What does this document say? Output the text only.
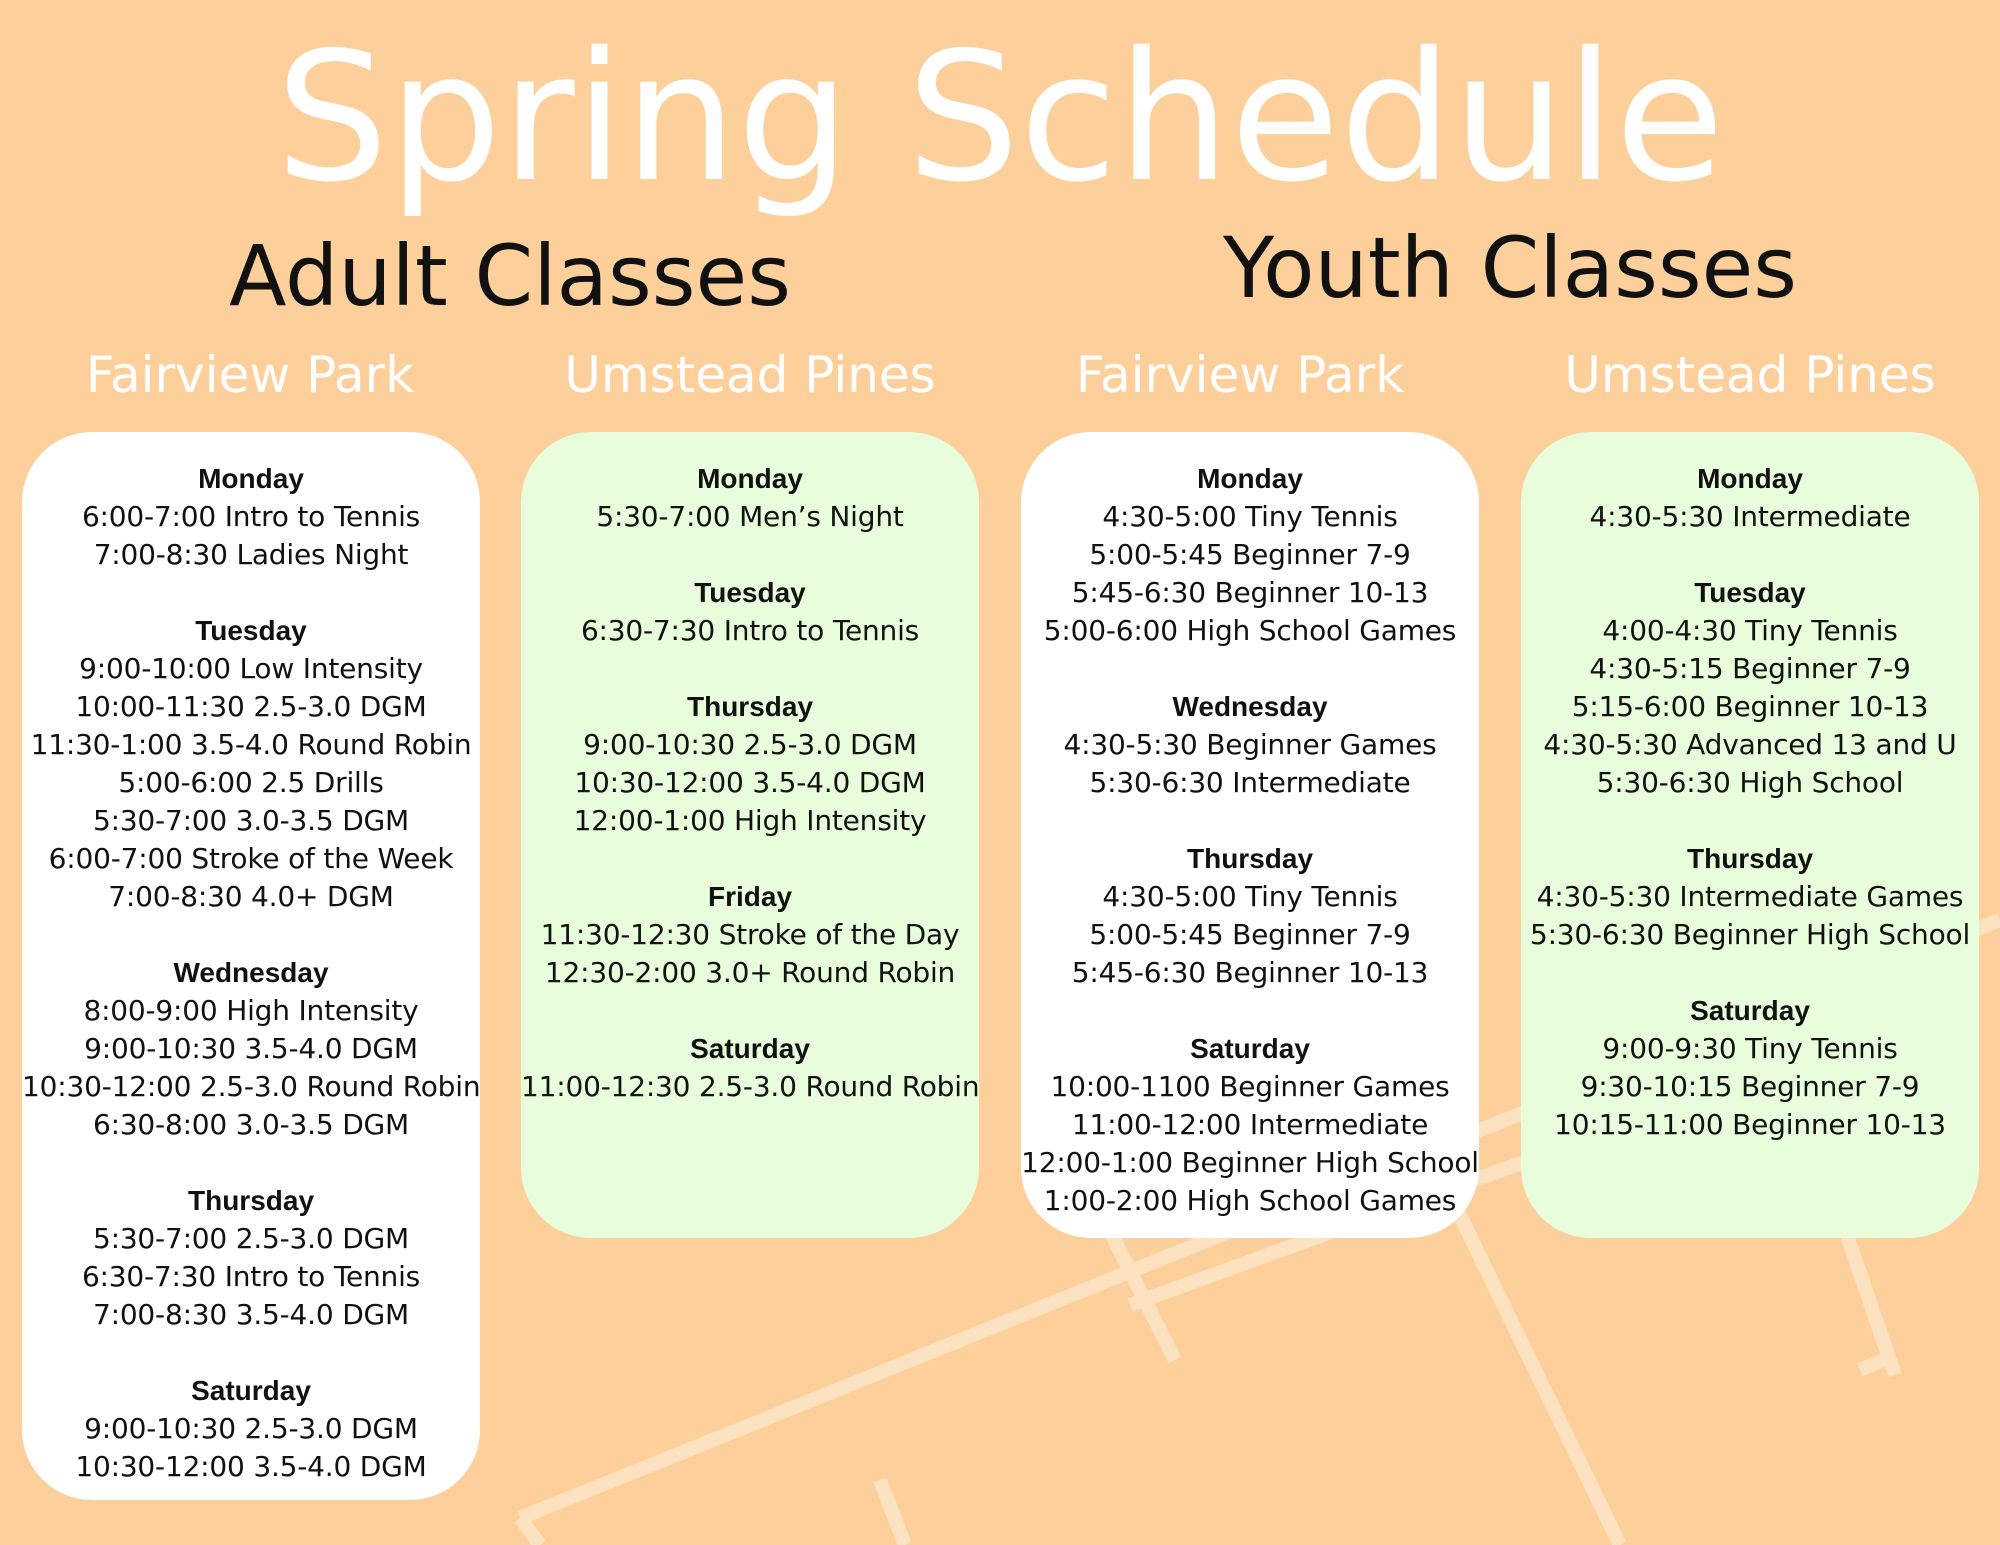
Spring Schedule
Adult Classes	Youth Classes
Fairview Park	Umstead Pines	Fairview Park	Umstead Pines
Monday
6:00-7:00 Intro to Tennis
7:00-8:30 Ladies Night
Tuesday
9:00-10:00 Low Intensity
10:00-11:30 2.5-3.0 DGM
11:30-1:00 3.5-4.0 Round Robin
5:00-6:00 2.5 Drills
5:30-7:00 3.0-3.5 DGM
6:00-7:00 Stroke of the Week
7:00-8:30 4.0+ DGM
Wednesday
8:00-9:00 High Intensity
9:00-10:30 3.5-4.0 DGM
10:30-12:00 2.5-3.0 Round Robin
6:30-8:00 3.0-3.5 DGM
Thursday
5:30-7:00 2.5-3.0 DGM
6:30-7:30 Intro to Tennis
7:00-8:30 3.5-4.0 DGM
Saturday
9:00-10:30 2.5-3.0 DGM
10:30-12:00 3.5-4.0 DGM
Monday
5:30-7:00 Men’s Night
Tuesday
6:30-7:30 Intro to Tennis
Thursday
9:00-10:30 2.5-3.0 DGM
10:30-12:00 3.5-4.0 DGM
12:00-1:00 High Intensity
Friday
11:30-12:30 Stroke of the Day
12:30-2:00 3.0+ Round Robin
Saturday
11:00-12:30 2.5-3.0 Round Robin
Monday
4:30-5:00 Tiny Tennis
5:00-5:45 Beginner 7-9
5:45-6:30 Beginner 10-13
5:00-6:00 High School Games
Wednesday
4:30-5:30 Beginner Games
5:30-6:30 Intermediate
Thursday
4:30-5:00 Tiny Tennis
5:00-5:45 Beginner 7-9
5:45-6:30 Beginner 10-13
Saturday
10:00-1100 Beginner Games
11:00-12:00 Intermediate
12:00-1:00 Beginner High School
1:00-2:00 High School Games
Monday
4:30-5:30 Intermediate
Tuesday
4:00-4:30 Tiny Tennis
4:30-5:15 Beginner 7-9
5:15-6:00 Beginner 10-13
4:30-5:30 Advanced 13 and U
5:30-6:30 High School
Thursday
4:30-5:30 Intermediate Games
5:30-6:30 Beginner High School
Saturday
9:00-9:30 Tiny Tennis
9:30-10:15 Beginner 7-9
10:15-11:00 Beginner 10-13
